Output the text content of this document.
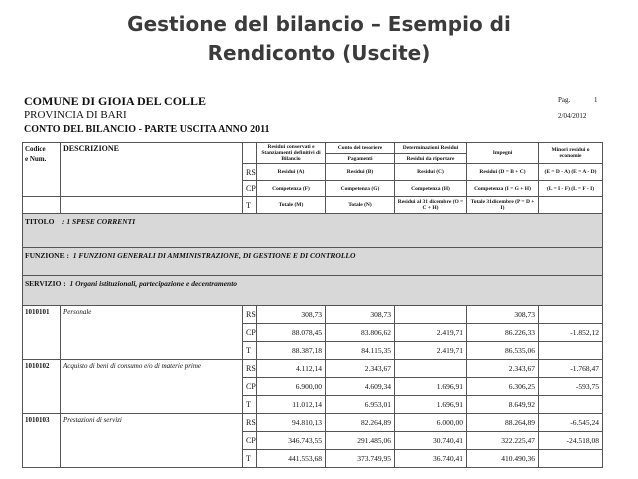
Gestione del bilancio – Esempio di
Rendiconto (Uscite)
COMUNE DI GIOIA DEL COLLE
PROVINCIA DI BARI
CONTO DEL BILANCIO - PARTE USCITA ANNO 2011
Pag.	1
2/04/2012
Codice
e Num.	DESCRIZIONE		Residui conservati e Stanziamenti definitivi di Bilancio	Conto del tesoriere	Determinazioni Residui	Impegni	Minori residui o economie
				Pagamenti	Residui da riportare		
		RS	Residui (A)	Residui (B)	Residui (C)	Residui (D = B + C)	(E = D - A) (E = A - D)
		CP	Competenza (F)	Competenza (G)	Competenza (H)	Competenza (I = G + H)	(L = I - F) (L = F - I)
		T	Totale (M)	Totale (N)	Residui al 31 dicembre (O = C + H)	Totale 31dicembre (P = D + I)	
TITOLO : 1 SPESE CORRENTI							
FUNZIONE : 1 FUNZIONI GENERALI DI AMMINISTRAZIONE, DI GESTIONE E DI CONTROLLO							
SERVIZIO : 1 Organi istituzionali, partecipazione e decentramento							
1010101	Personale	RS	308,73	308,73		308,73	
		CP	88.078,45	83.806,62	2.419,71	86.226,33	-1.852,12
		T	88.387,18	84.115,35	2.419,71	86.535,06	
1010102	Acquisto di beni di consumo e/o di materie prime	RS	4.112,14	2.343,67		2.343,67	-1.768,47
		CP	6.900,00	4.609,34	1.696,91	6.306,25	-593,75
		T	11.012,14	6.953,01	1.696,91	8.649,92	
1010103	Prestazioni di servizi	RS	94.810,13	82.264,89	6.000,00	88.264,89	-6.545,24
		CP	346.743,55	291.485,06	30.740,41	322.225,47	-24.518,08
		T	441.553,68	373.749,95	36.740,41	410.490,36	
